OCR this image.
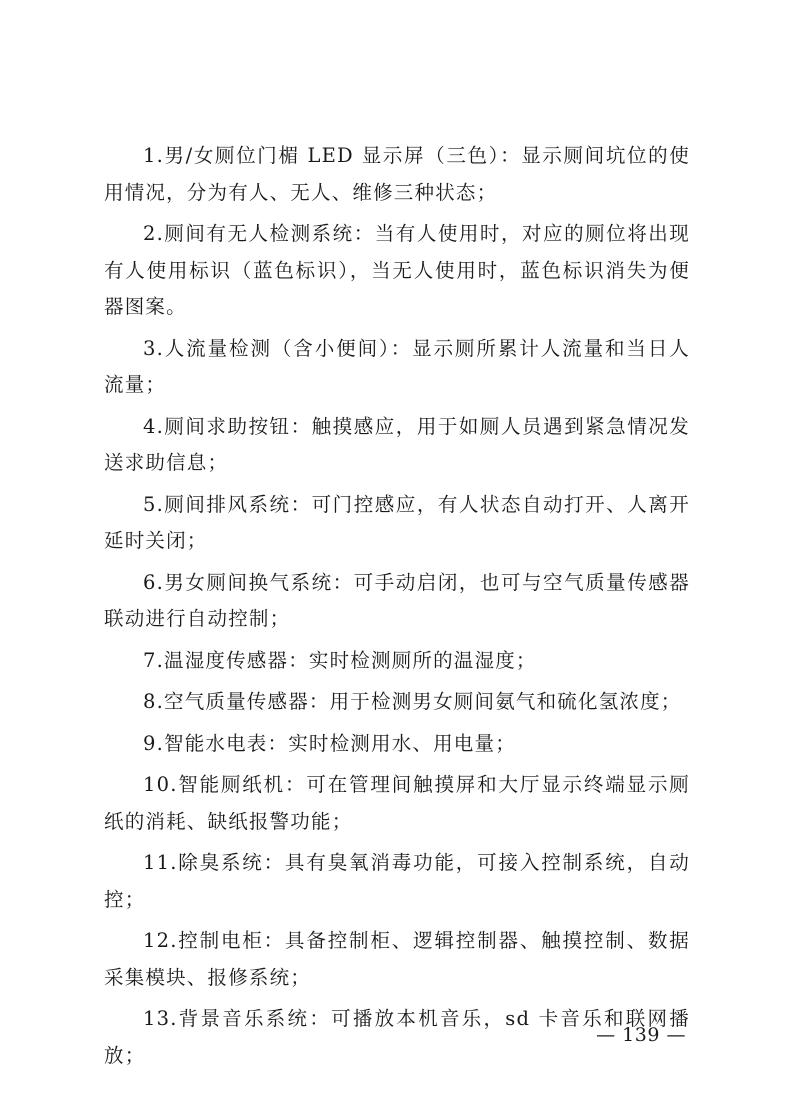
1.男/女厕位门楣 LED 显示屏（三色）：显示厕间坑位的使用情况，分为有人、无人、维修三种状态；

2.厕间有无人检测系统：当有人使用时，对应的厕位将出现有人使用标识（蓝色标识），当无人使用时，蓝色标识消失为便器图案。

3.人流量检测（含小便间）：显示厕所累计人流量和当日人流量；

4.厕间求助按钮：触摸感应，用于如厕人员遇到紧急情况发送求助信息；

5.厕间排风系统：可门控感应，有人状态自动打开、人离开延时关闭；

6.男女厕间换气系统：可手动启闭，也可与空气质量传感器联动进行自动控制；

7.温湿度传感器：实时检测厕所的温湿度；

8.空气质量传感器：用于检测男女厕间氨气和硫化氢浓度；

9.智能水电表：实时检测用水、用电量；

10.智能厕纸机：可在管理间触摸屏和大厅显示终端显示厕纸的消耗、缺纸报警功能；

11.除臭系统：具有臭氧消毒功能，可接入控制系统，自动控；

12.控制电柜：具备控制柜、逻辑控制器、触摸控制、数据采集模块、报修系统；

13.背景音乐系统：可播放本机音乐，sd 卡音乐和联网播放；

— 139 —
